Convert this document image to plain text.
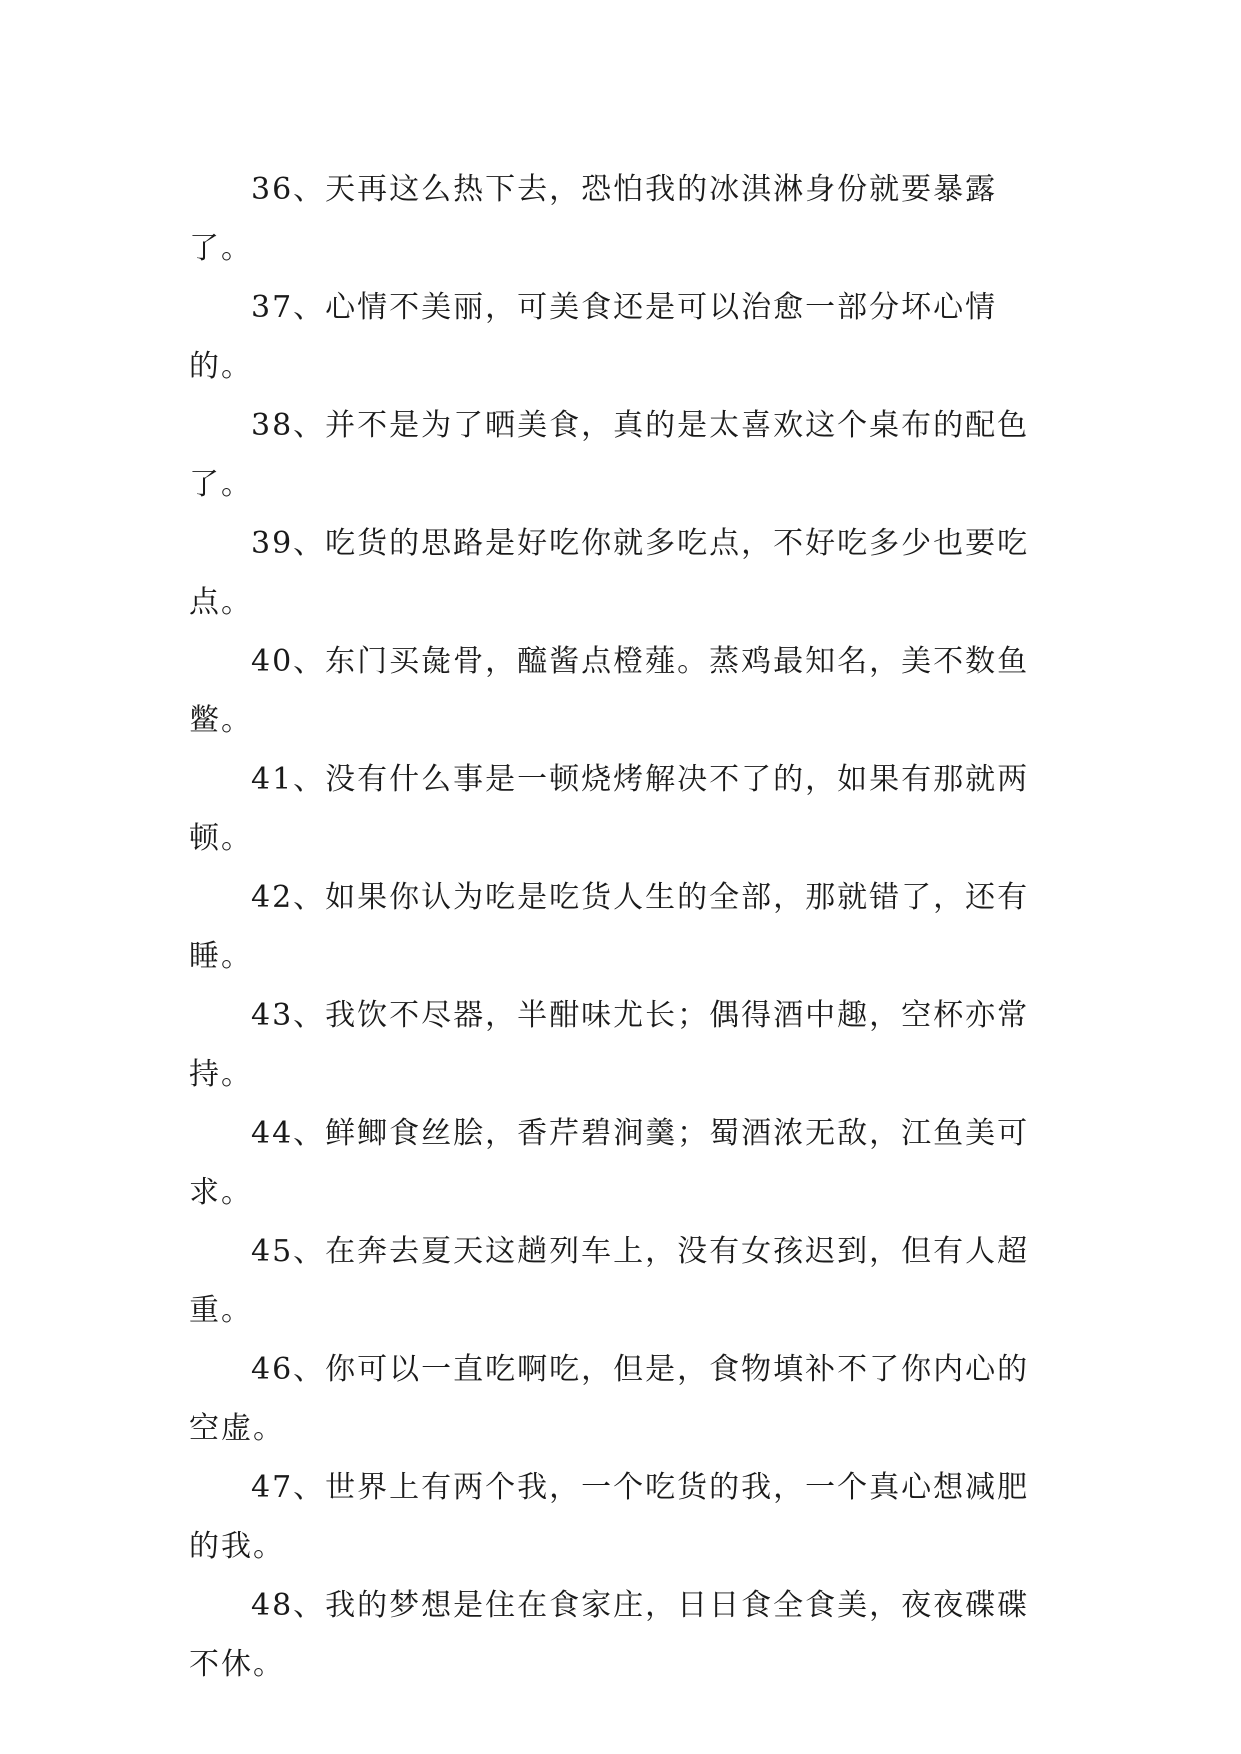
36、天再这么热下去，恐怕我的冰淇淋身份就要暴露了。

37、心情不美丽，可美食还是可以治愈一部分坏心情的。

38、并不是为了晒美食，真的是太喜欢这个桌布的配色了。

39、吃货的思路是好吃你就多吃点，不好吃多少也要吃点。

40、东门买彘骨，醯酱点橙薤。蒸鸡最知名，美不数鱼鳖。

41、没有什么事是一顿烧烤解决不了的，如果有那就两顿。

42、如果你认为吃是吃货人生的全部，那就错了，还有睡。

43、我饮不尽器，半酣味尤长；偶得酒中趣，空杯亦常持。

44、鲜鲫食丝脍，香芹碧涧羹；蜀酒浓无敌，江鱼美可求。

45、在奔去夏天这趟列车上，没有女孩迟到，但有人超重。

46、你可以一直吃啊吃，但是，食物填补不了你内心的空虚。

47、世界上有两个我，一个吃货的我，一个真心想减肥的我。

48、我的梦想是住在食家庄，日日食全食美，夜夜碟碟不休。
